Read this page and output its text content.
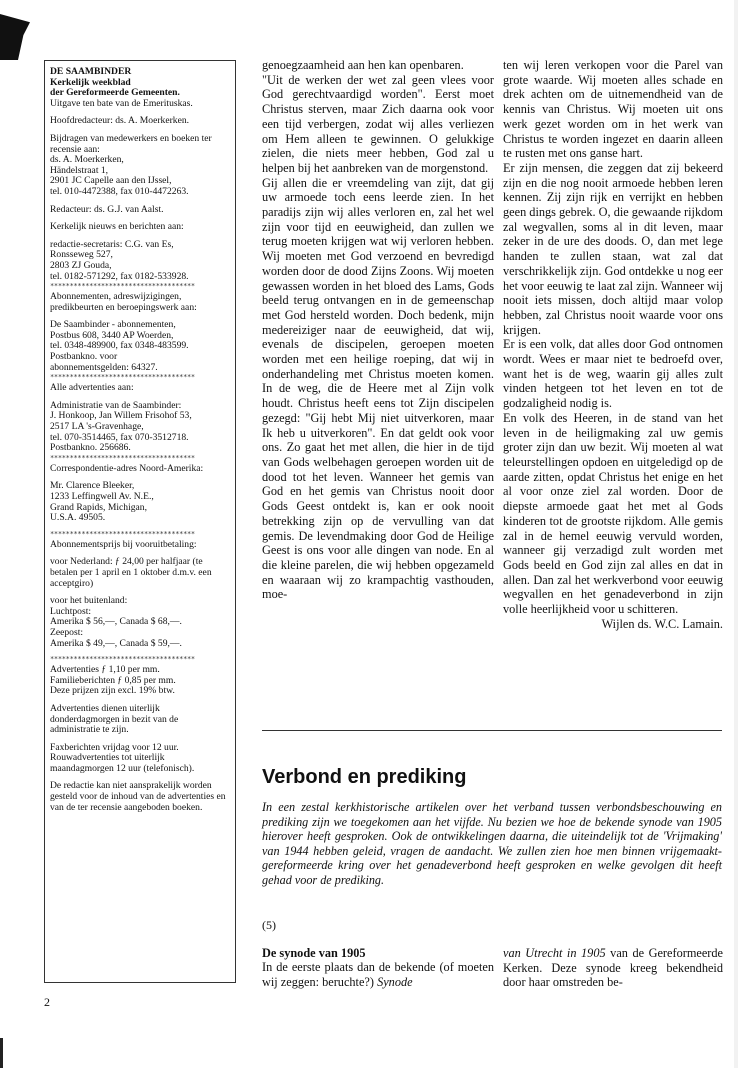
DE SAAMBINDER
Kerkelijk weekblad
der Gereformeerde Gemeenten.

Uitgave ten bate van de Emerituskas.

Hoofdredacteur: ds. A. Moerkerken.

Bijdragen van medewerkers en boeken ter recensie aan:
ds. A. Moerkerken,
Händelstraat 1,
2901 JC Capelle aan den IJssel,
tel. 010-4472388, fax 010-4472263.

Redacteur: ds. G.J. van Aalst.

Kerkelijk nieuws en berichten aan:

redactie-secretaris: C.G. van Es,
Ronsseweg 527,
2803 ZJ Gouda,
tel. 0182-571292, fax 0182-533928.
*************************************

Abonnementen, adreswijzigingen, predikbeurten en beroepingswerk aan:

De Saambinder - abonnementen,
Postbus 608, 3440 AP Woerden,
tel. 0348-489900, fax 0348-483599.
Postbankno. voor
abonnementsgelden: 64327.
*************************************

Alle advertenties aan:

Administratie van de Saambinder:
J. Honkoop, Jan Willem Frisohof 53,
2517 LA 's-Gravenhage,
tel. 070-3514465, fax 070-3512718.
Postbankno. 256686.
*************************************

Correspondentie-adres Noord-Amerika:

Mr. Clarence Bleeker,
1233 Leffingwell Av. N.E.,
Grand Rapids, Michigan,
U.S.A. 49505.

*************************************

Abonnementsprijs bij vooruitbetaling:

voor Nederland: ƒ 24,00 per halfjaar (te betalen per 1 april en 1 oktober d.m.v. een acceptgiro)

voor het buitenland:
Luchtpost:
Amerika $ 56,—, Canada $ 68,—.
Zeepost:
Amerika $ 49,—, Canada $ 59,—.

*************************************

Advertenties ƒ 1,10 per mm.
Familieberichten ƒ 0,85 per mm.
Deze prijzen zijn excl. 19% btw.

Advertenties dienen uiterlijk donderdagmorgen in bezit van de administratie te zijn.

Faxberichten vrijdag voor 12 uur. Rouwadvertenties tot uiterlijk maandagmorgen 12 uur (telefonisch).

De redactie kan niet aansprakelijk worden gesteld voor de inhoud van de advertenties en van de ter recensie aangeboden boeken.

2

genoegzaamheid aan hen kan openbaren.

"Uit de werken der wet zal geen vlees voor God gerechtvaardigd worden". Eerst moet Christus sterven, maar Zich daarna ook voor een tijd verbergen, zodat wij alles verliezen om Hem alleen te gewinnen. O gelukkige zielen, die niets meer hebben, God zal u helpen bij het aanbreken van de morgenstond.

Gij allen die er vreemdeling van zijt, dat gij uw armoede toch eens leerde zien. In het paradijs zijn wij alles verloren en, zal het wel zijn voor tijd en eeuwigheid, dan zullen we terug moeten krijgen wat wij verloren hebben. Wij moeten met God verzoend en bevredigd worden door de dood Zijns Zoons. Wij moeten gewassen worden in het bloed des Lams, Gods beeld terug ontvangen en in de gemeenschap met God hersteld worden. Doch bedenk, mijn medereiziger naar de eeuwigheid, dat wij, evenals de discipelen, geroepen moeten worden met een heilige roeping, dat wij in onderhandeling met Christus moeten komen. In de weg, die de Heere met al Zijn volk houdt. Christus heeft eens tot Zijn discipelen gezegd: "Gij hebt Mij niet uitverkoren, maar Ik heb u uitverkoren". En dat geldt ook voor ons. Zo gaat het met allen, die hier in de tijd van Gods welbehagen geroepen worden uit de dood tot het leven. Wanneer het gemis van God en het gemis van Christus nooit door Gods Geest ontdekt is, kan er ook nooit betrekking zijn op de vervulling van dat gemis. De levendmaking door God de Heilige Geest is ons voor alle dingen van node. En al die kleine parelen, die wij hebben opgezameld en waaraan wij zo krampachtig vasthouden, moe-

ten wij leren verkopen voor die Parel van grote waarde. Wij moeten alles schade en drek achten om de uitnemendheid van de kennis van Christus. Wij moeten uit ons werk gezet worden om in het werk van Christus te worden ingezet en daarin alleen te rusten met ons ganse hart.

Er zijn mensen, die zeggen dat zij bekeerd zijn en die nog nooit armoede hebben leren kennen. Zij zijn rijk en verrijkt en hebben geen dings gebrek. O, die gewaande rijkdom zal wegvallen, soms al in dit leven, maar zeker in de ure des doods. O, dan met lege handen te zullen staan, wat zal dat verschrikkelijk zijn. God ontdekke u nog eer het voor eeuwig te laat zal zijn. Wanneer wij nooit iets missen, doch altijd maar volop hebben, zal Christus nooit waarde voor ons krijgen.

Er is een volk, dat alles door God ontnomen wordt. Wees er maar niet te bedroefd over, want het is de weg, waarin gij alles zult vinden hetgeen tot het leven en tot de godzaligheid nodig is.

En volk des Heeren, in de stand van het leven in de heiligmaking zal uw gemis groter zijn dan uw bezit. Wij moeten al wat teleurstellingen opdoen en uitgeledigd op de aarde zitten, opdat Christus het enige en het al voor onze ziel zal worden. Door de diepste armoede gaat het met al Gods kinderen tot de grootste rijkdom. Alle gemis zal in de hemel eeuwig vervuld worden, wanneer gij verzadigd zult worden met Gods beeld en God zijn zal alles en dat in allen. Dan zal het werkverbond voor eeuwig wegvallen en het genadeverbond in zijn volle heerlijkheid voor u schitteren.

Wijlen ds. W.C. Lamain.

Verbond en prediking

In een zestal kerkhistorische artikelen over het verband tussen verbondsbeschouwing en prediking zijn we toegekomen aan het vijfde. Nu bezien we hoe de bekende synode van 1905 hierover heeft gesproken. Ook de ontwikkelingen daarna, die uiteindelijk tot de 'Vrijmaking' van 1944 hebben geleid, vragen de aandacht. We zullen zien hoe men binnen vrijgemaakt-gereformeerde kring over het genadeverbond heeft gesproken en welke gevolgen dit heeft gehad voor de prediking.

(5)

De synode van 1905

In de eerste plaats dan de bekende (of moeten wij zeggen: beruchte?) Synode

van Utrecht in 1905 van de Gereformeerde Kerken. Deze synode kreeg bekendheid door haar omstreden be-
